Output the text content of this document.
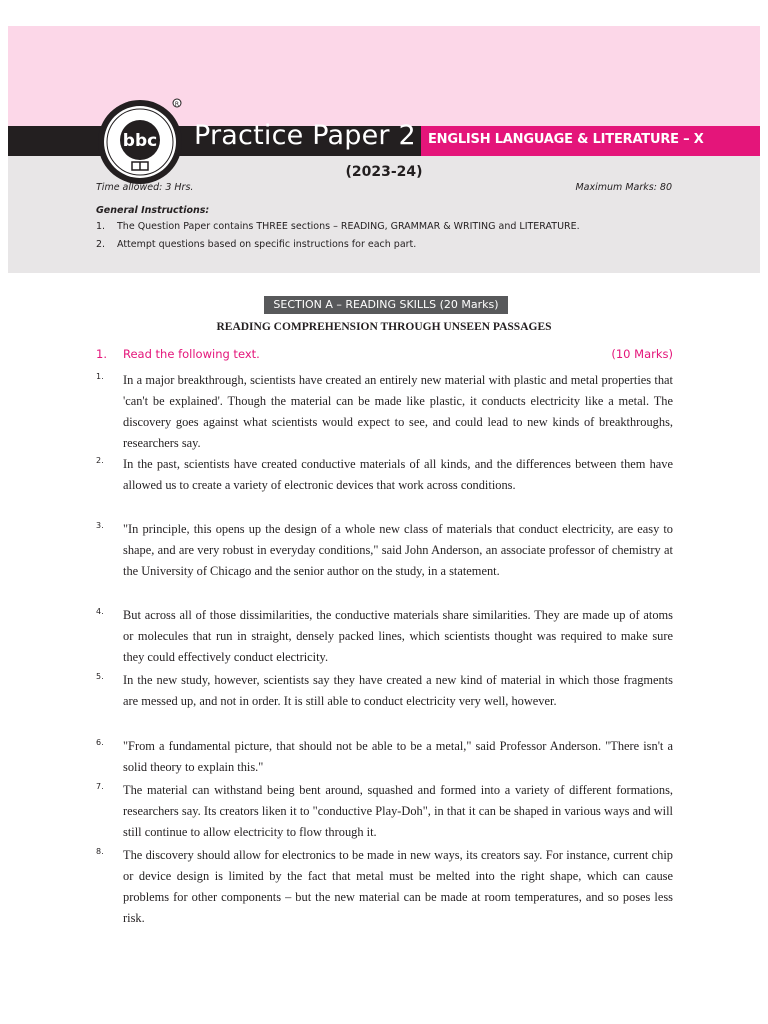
bbc
R
Practice Paper 2 ENGLISH LANGUAGE & LITERATURE – X
(2023-24)
Time allowed: 3 Hrs.	Maximum Marks: 80
General Instructions:
1. The Question Paper contains THREE sections – READING, GRAMMAR & WRITING and LITERATURE.
2. Attempt questions based on specific instructions for each part.
SECTION A – READING SKILLS (20 Marks)
READING COMPREHENSION THROUGH UNSEEN PASSAGES
1. Read the following text.	(10 Marks)
1. In a major breakthrough, scientists have created an entirely new material with plastic and metal properties that 'can't be explained'. Though the material can be made like plastic, it conducts electricity like a metal. The discovery goes against what scientists would expect to see, and could lead to new kinds of breakthroughs, researchers say.
2. In the past, scientists have created conductive materials of all kinds, and the differences between them have allowed us to create a variety of electronic devices that work across conditions.
3. "In principle, this opens up the design of a whole new class of materials that conduct electricity, are easy to shape, and are very robust in everyday conditions," said John Anderson, an associate professor of chemistry at the University of Chicago and the senior author on the study, in a statement.
4. But across all of those dissimilarities, the conductive materials share similarities. They are made up of atoms or molecules that run in straight, densely packed lines, which scientists thought was required to make sure they could effectively conduct electricity.
5. In the new study, however, scientists say they have created a new kind of material in which those fragments are messed up, and not in order. It is still able to conduct electricity very well, however.
6. "From a fundamental picture, that should not be able to be a metal," said Professor Anderson. "There isn't a solid theory to explain this."
7. The material can withstand being bent around, squashed and formed into a variety of different formations, researchers say. Its creators liken it to "conductive Play-Doh", in that it can be shaped in various ways and will still continue to allow electricity to flow through it.
8. The discovery should allow for electronics to be made in new ways, its creators say. For instance, current chip or device design is limited by the fact that metal must be melted into the right shape, which can cause problems for other components – but the new material can be made at room temperatures, and so poses less risk.
